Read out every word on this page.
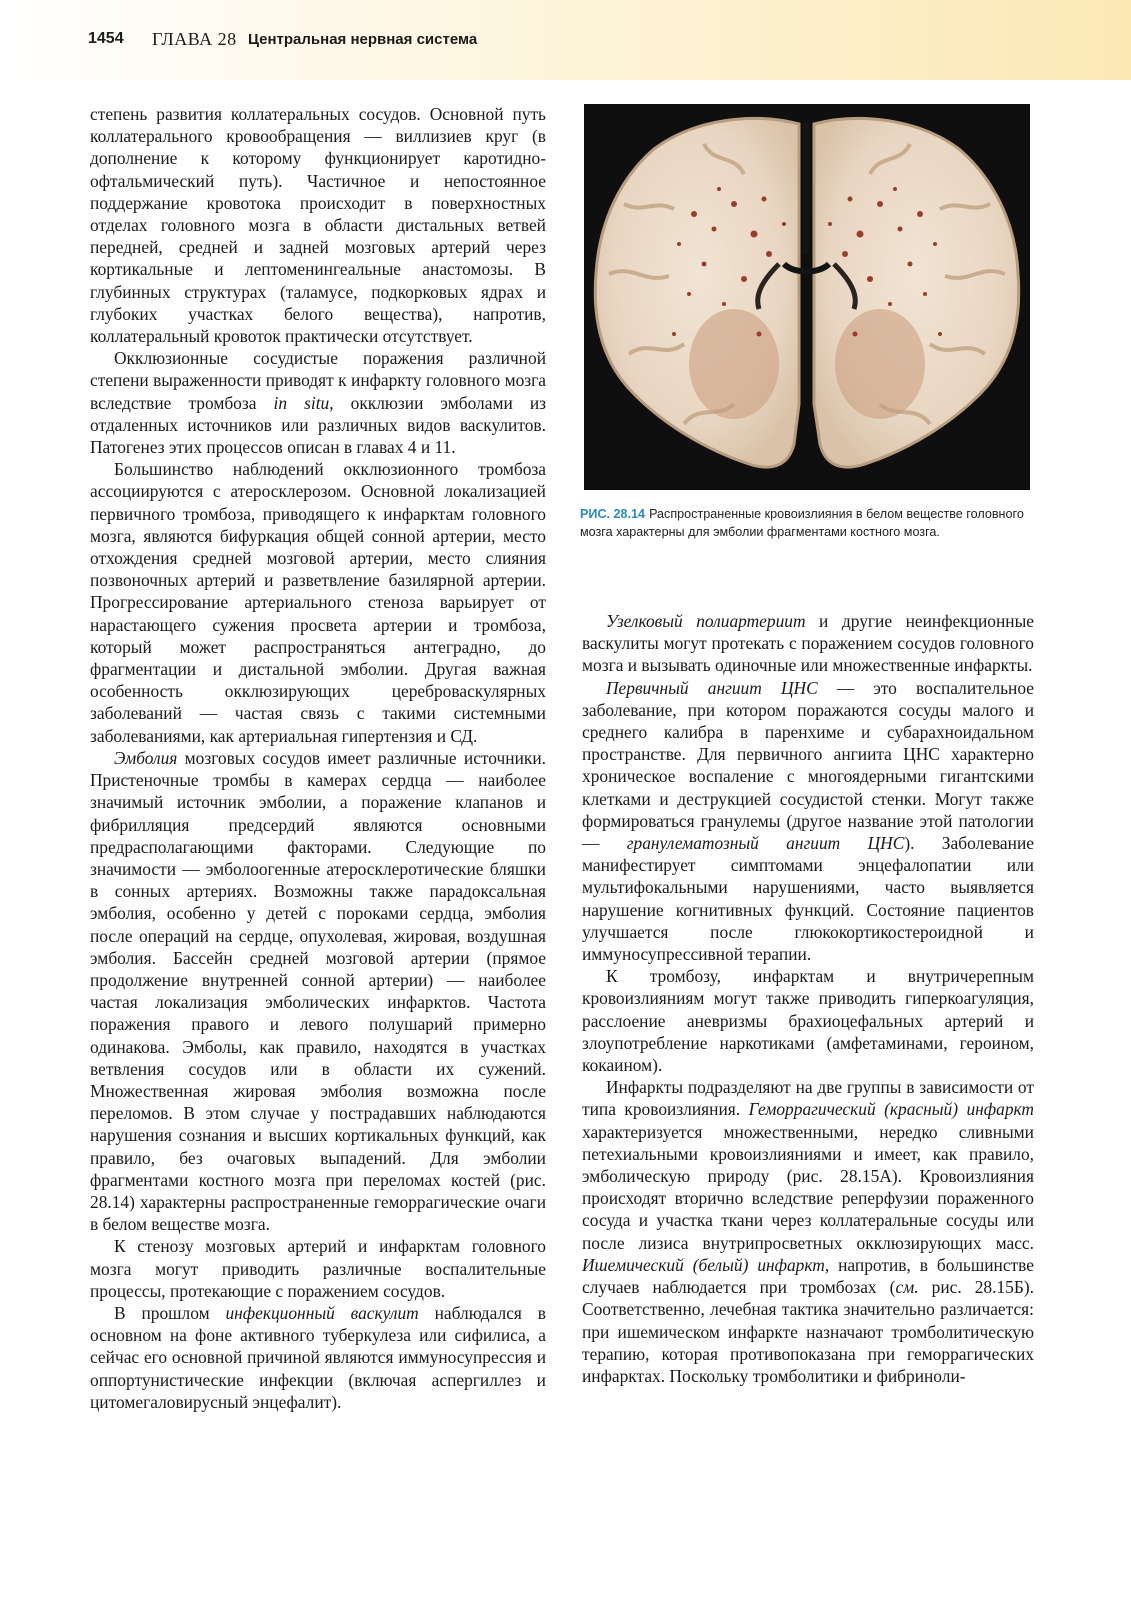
1454 ГЛАВА 28 Центральная нервная система

степень развития коллатеральных сосудов. Основной путь коллатерального кровообращения — виллизиев круг (в дополнение к которому функционирует каротидно-офтальмический путь). Частичное и непостоянное поддержание кровотока происходит в поверхностных отделах головного мозга в области дистальных ветвей передней, средней и задней мозговых артерий через кортикальные и лептоменингеальные анастомозы. В глубинных структурах (таламусе, подкорковых ядрах и глубоких участках белого вещества), напротив, коллатеральный кровоток практически отсутствует.

Окклюзионные сосудистые поражения различной степени выраженности приводят к инфаркту головного мозга вследствие тромбоза in situ, окклюзии эмболами из отдаленных источников или различных видов васкулитов. Патогенез этих процессов описан в главах 4 и 11.

Большинство наблюдений окклюзионного тромбоза ассоциируются с атеросклерозом. Основной локализацией первичного тромбоза, приводящего к инфарктам головного мозга, являются бифуркация общей сонной артерии, место отхождения средней мозговой артерии, место слияния позвоночных артерий и разветвление базилярной артерии. Прогрессирование артериального стеноза варьирует от нарастающего сужения просвета артерии и тромбоза, который может распространяться антеградно, до фрагментации и дистальной эмболии. Другая важная особенность окклюзирующих цереброваскулярных заболеваний — частая связь с такими системными заболеваниями, как артериальная гипертензия и СД.

Эмболия мозговых сосудов имеет различные источники. Пристеночные тромбы в камерах сердца — наиболее значимый источник эмболии, а поражение клапанов и фибрилляция предсердий являются основными предрасполагающими факторами. Следующие по значимости — эмболоогенные атеросклеротические бляшки в сонных артериях. Возможны также парадоксальная эмболия, особенно у детей с пороками сердца, эмболия после операций на сердце, опухолевая, жировая, воздушная эмболия. Бассейн средней мозговой артерии (прямое продолжение внутренней сонной артерии) — наиболее частая локализация эмболических инфарктов. Частота поражения правого и левого полушарий примерно одинакова. Эмболы, как правило, находятся в участках ветвления сосудов или в области их сужений. Множественная жировая эмболия возможна после переломов. В этом случае у пострадавших наблюдаются нарушения сознания и высших кортикальных функций, как правило, без очаговых выпадений. Для эмболии фрагментами костного мозга при переломах костей (рис. 28.14) характерны распространенные геморрагические очаги в белом веществе мозга.

К стенозу мозговых артерий и инфарктам головного мозга могут приводить различные воспалительные процессы, протекающие с поражением сосудов.

В прошлом инфекционный васкулит наблюдался в основном на фоне активного туберкулеза или сифилиса, а сейчас его основной причиной являются иммуносупрессия и оппортунистические инфекции (включая аспергиллез и цитомегаловирусный энцефалит).

РИС. 28.14 Распространенные кровоизлияния в белом веществе головного мозга характерны для эмболии фрагментами костного мозга.

Узелковый полиартериит и другие неинфекционные васкулиты могут протекать с поражением сосудов головного мозга и вызывать одиночные или множественные инфаркты.

Первичный ангиит ЦНС — это воспалительное заболевание, при котором поражаются сосуды малого и среднего калибра в паренхиме и субарахноидальном пространстве. Для первичного ангиита ЦНС характерно хроническое воспаление с многоядерными гигантскими клетками и деструкцией сосудистой стенки. Могут также формироваться гранулемы (другое название этой патологии — гранулематозный ангиит ЦНС). Заболевание манифестирует симптомами энцефалопатии или мультифокальными нарушениями, часто выявляется нарушение когнитивных функций. Состояние пациентов улучшается после глюкокортикостероидной и иммуносупрессивной терапии.

К тромбозу, инфарктам и внутричерепным кровоизлияниям могут также приводить гиперкоагуляция, расслоение аневризмы брахиоцефальных артерий и злоупотребление наркотиками (амфетаминами, героином, кокаином).

Инфаркты подразделяют на две группы в зависимости от типа кровоизлияния. Геморрагический (красный) инфаркт характеризуется множественными, нередко сливными петехиальными кровоизлияниями и имеет, как правило, эмболическую природу (рис. 28.15А). Кровоизлияния происходят вторично вследствие реперфузии пораженного сосуда и участка ткани через коллатеральные сосуды или после лизиса внутрипросветных окклюзирующих масс. Ишемический (белый) инфаркт, напротив, в большинстве случаев наблюдается при тромбозах (см. рис. 28.15Б). Соответственно, лечебная тактика значительно различается: при ишемическом инфаркте назначают тромболитическую терапию, которая противопоказана при геморрагических инфарктах. Поскольку тромболитики и фибриноли-
